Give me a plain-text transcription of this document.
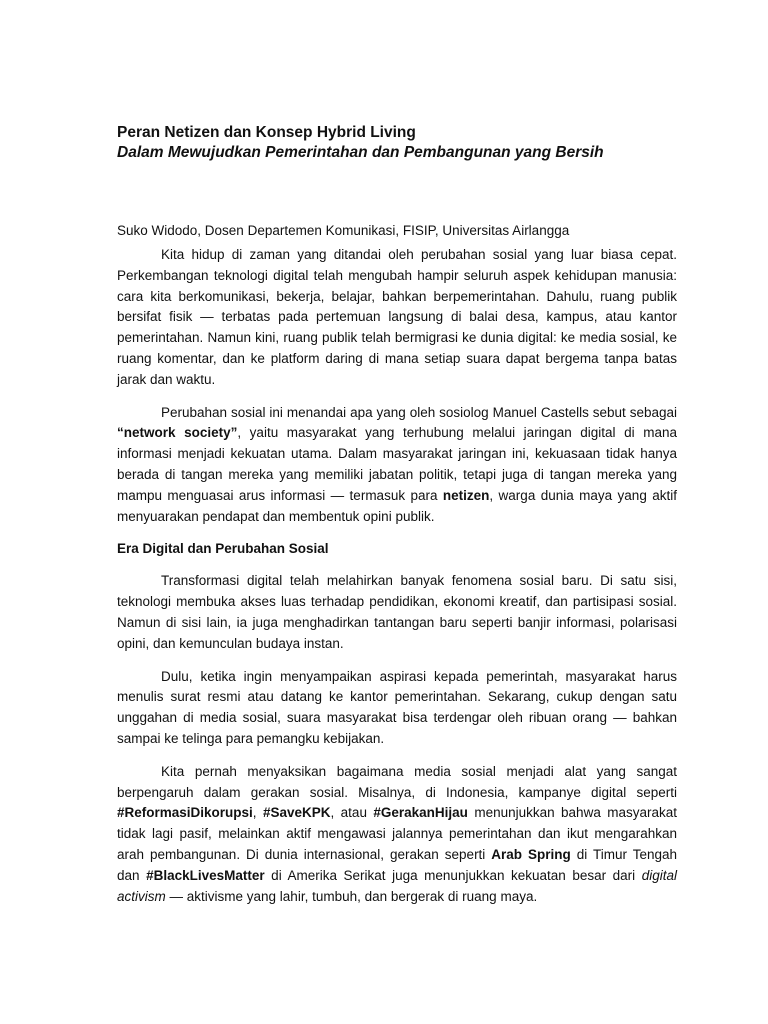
Peran Netizen dan Konsep Hybrid Living

Dalam Mewujudkan Pemerintahan dan Pembangunan yang Bersih

Suko Widodo, Dosen Departemen Komunikasi, FISIP, Universitas Airlangga

Kita hidup di zaman yang ditandai oleh perubahan sosial yang luar biasa cepat. Perkembangan teknologi digital telah mengubah hampir seluruh aspek kehidupan manusia: cara kita berkomunikasi, bekerja, belajar, bahkan berpemerintahan. Dahulu, ruang publik bersifat fisik — terbatas pada pertemuan langsung di balai desa, kampus, atau kantor pemerintahan. Namun kini, ruang publik telah bermigrasi ke dunia digital: ke media sosial, ke ruang komentar, dan ke platform daring di mana setiap suara dapat bergema tanpa batas jarak dan waktu.

Perubahan sosial ini menandai apa yang oleh sosiolog Manuel Castells sebut sebagai “network society”, yaitu masyarakat yang terhubung melalui jaringan digital di mana informasi menjadi kekuatan utama. Dalam masyarakat jaringan ini, kekuasaan tidak hanya berada di tangan mereka yang memiliki jabatan politik, tetapi juga di tangan mereka yang mampu menguasai arus informasi — termasuk para netizen, warga dunia maya yang aktif menyuarakan pendapat dan membentuk opini publik.

Era Digital dan Perubahan Sosial

Transformasi digital telah melahirkan banyak fenomena sosial baru. Di satu sisi, teknologi membuka akses luas terhadap pendidikan, ekonomi kreatif, dan partisipasi sosial. Namun di sisi lain, ia juga menghadirkan tantangan baru seperti banjir informasi, polarisasi opini, dan kemunculan budaya instan.

Dulu, ketika ingin menyampaikan aspirasi kepada pemerintah, masyarakat harus menulis surat resmi atau datang ke kantor pemerintahan. Sekarang, cukup dengan satu unggahan di media sosial, suara masyarakat bisa terdengar oleh ribuan orang — bahkan sampai ke telinga para pemangku kebijakan.

Kita pernah menyaksikan bagaimana media sosial menjadi alat yang sangat berpengaruh dalam gerakan sosial. Misalnya, di Indonesia, kampanye digital seperti #ReformasiDikorupsi, #SaveKPK, atau #GerakanHijau menunjukkan bahwa masyarakat tidak lagi pasif, melainkan aktif mengawasi jalannya pemerintahan dan ikut mengarahkan arah pembangunan. Di dunia internasional, gerakan seperti Arab Spring di Timur Tengah dan #BlackLivesMatter di Amerika Serikat juga menunjukkan kekuatan besar dari digital activism — aktivisme yang lahir, tumbuh, dan bergerak di ruang maya.
